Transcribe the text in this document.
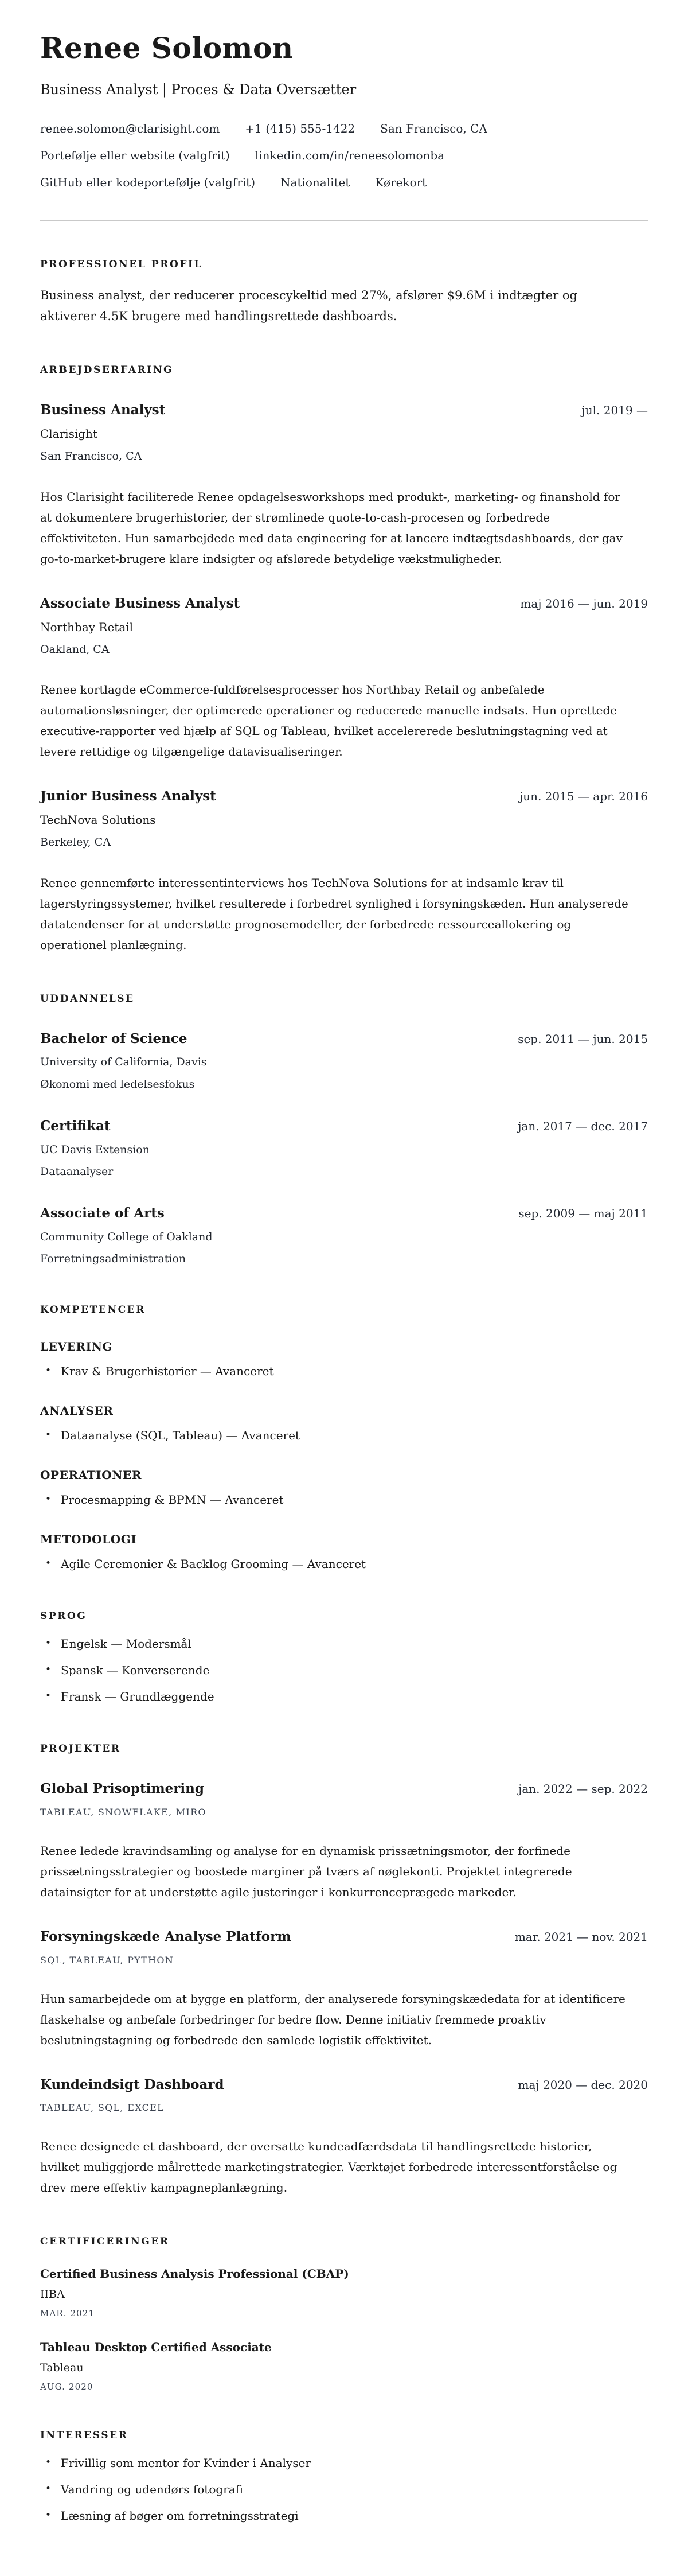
Renee Solomon
Business Analyst | Proces & Data Oversætter
renee.solomon@clarisight.com +1 (415) 555-1422 San Francisco, CA
Portefølje eller website (valgfrit) linkedin.com/in/reneesolomonba
GitHub eller kodeportefølje (valgfrit) Nationalitet Kørekort
PROFESSIONEL PROFIL

Business analyst, der reducerer procescykeltid med 27%, afslører $9.6M i indtægter og aktiverer 4.5K brugere med handlingsrettede dashboards.

ARBEJDSERFARING
Business Analyst	jul. 2019 —
Clarisight
San Francisco, CA

Hos Clarisight faciliterede Renee opdagelsesworkshops med produkt-, marketing- og finanshold for at dokumentere brugerhistorier, der strømlinede quote-to-cash-procesen og forbedrede effektiviteten. Hun samarbejdede med data engineering for at lancere indtægtsdashboards, der gav go-to-market-brugere klare indsigter og afslørede betydelige vækstmuligheder.

Associate Business Analyst	maj 2016 — jun. 2019
Northbay Retail
Oakland, CA

Renee kortlagde eCommerce-fuldførelsesprocesser hos Northbay Retail og anbefalede automationsløsninger, der optimerede operationer og reducerede manuelle indsats. Hun oprettede executive-rapporter ved hjælp af SQL og Tableau, hvilket accelererede beslutningstagning ved at levere rettidige og tilgængelige datavisualiseringer.

Junior Business Analyst	jun. 2015 — apr. 2016
TechNova Solutions
Berkeley, CA

Renee gennemførte interessentinterviews hos TechNova Solutions for at indsamle krav til lagerstyringssystemer, hvilket resulterede i forbedret synlighed i forsyningskæden. Hun analyserede datatendenser for at understøtte prognosemodeller, der forbedrede ressourceallokering og operationel planlægning.

UDDANNELSE
Bachelor of Science	sep. 2011 — jun. 2015
University of California, Davis
Økonomi med ledelsesfokus
Certifikat	jan. 2017 — dec. 2017
UC Davis Extension
Dataanalyser
Associate of Arts	sep. 2009 — maj 2011
Community College of Oakland
Forretningsadministration
KOMPETENCER
LEVERING
• Krav & Brugerhistorier — Avanceret
ANALYSER
• Dataanalyse (SQL, Tableau) — Avanceret
OPERATIONER
• Procesmapping & BPMN — Avanceret
METODOLOGI
• Agile Ceremonier & Backlog Grooming — Avanceret
SPROG
• Engelsk — Modersmål
• Spansk — Konverserende
• Fransk — Grundlæggende
PROJEKTER
Global Prisoptimering	jan. 2022 — sep. 2022
TABLEAU, SNOWFLAKE, MIRO

Renee ledede kravindsamling og analyse for en dynamisk prissætningsmotor, der forfinede prissætningsstrategier og boostede marginer på tværs af nøglekonti. Projektet integrerede datainsigter for at understøtte agile justeringer i konkurrenceprægede markeder.

Forsyningskæde Analyse Platform	mar. 2021 — nov. 2021
SQL, TABLEAU, PYTHON

Hun samarbejdede om at bygge en platform, der analyserede forsyningskædedata for at identificere flaskehalse og anbefale forbedringer for bedre flow. Denne initiativ fremmede proaktiv beslutningstagning og forbedrede den samlede logistik effektivitet.

Kundeindsigt Dashboard	maj 2020 — dec. 2020
TABLEAU, SQL, EXCEL

Renee designede et dashboard, der oversatte kundeadfærdsdata til handlingsrettede historier, hvilket muliggjorde målrettede marketingstrategier. Værktøjet forbedrede interessentforståelse og drev mere effektiv kampagneplanlægning.

CERTIFICERINGER
Certified Business Analysis Professional (CBAP)
IIBA
MAR. 2021
Tableau Desktop Certified Associate
Tableau
AUG. 2020
INTERESSER
• Frivillig som mentor for Kvinder i Analyser
• Vandring og udendørs fotografi
• Læsning af bøger om forretningsstrategi
